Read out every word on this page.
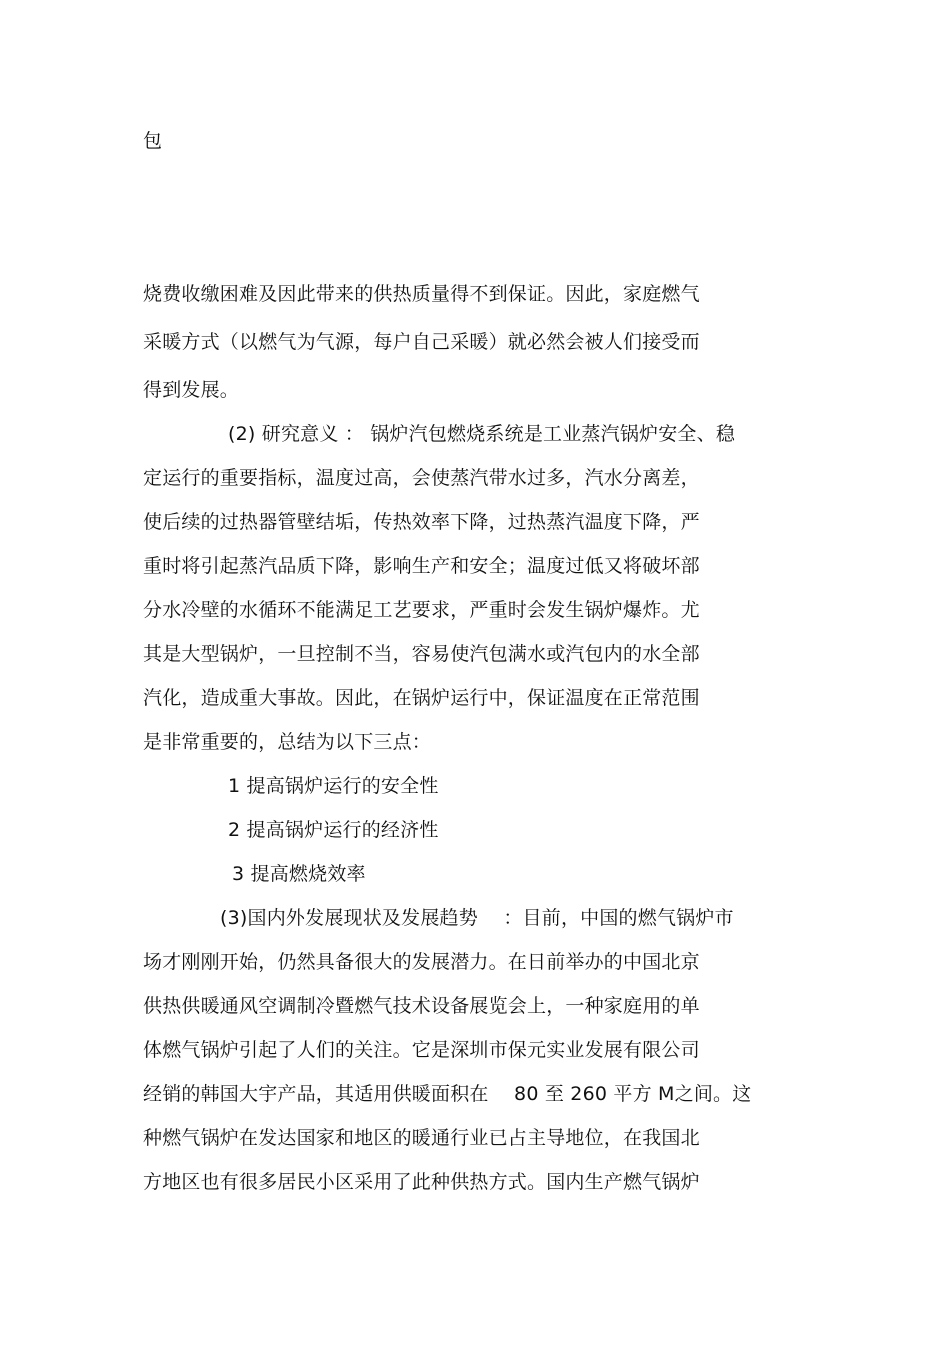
包

烧费收缴困难及因此带来的供热质量得不到保证。因此，家庭燃气

采暖方式（以燃气为气源，每户自己采暖）就必然会被人们接受而

得到发展。

(2) 研究意义 ： 锅炉汽包燃烧系统是工业蒸汽锅炉安全、稳

定运行的重要指标，温度过高，会使蒸汽带水过多，汽水分离差，

使后续的过热器管壁结垢，传热效率下降，过热蒸汽温度下降，严

重时将引起蒸汽品质下降，影响生产和安全；温度过低又将破坏部

分水冷壁的水循环不能满足工艺要求，严重时会发生锅炉爆炸。尤

其是大型锅炉，一旦控制不当，容易使汽包满水或汽包内的水全部

汽化，造成重大事故。因此，在锅炉运行中，保证温度在正常范围

是非常重要的，总结为以下三点：

1 提高锅炉运行的安全性

2 提高锅炉运行的经济性

3 提高燃烧效率

(3)国内外发展现状及发展趋势　 ：目前，中国的燃气锅炉市

场才刚刚开始，仍然具备很大的发展潜力。在日前举办的中国北京

供热供暖通风空调制冷暨燃气技术设备展览会上，一种家庭用的单

体燃气锅炉引起了人们的关注。它是深圳市保元实业发展有限公司

经销的韩国大宇产品，其适用供暖面积在　 80 至 260 平方 M之间。这

种燃气锅炉在发达国家和地区的暖通行业已占主导地位，在我国北

方地区也有很多居民小区采用了此种供热方式。国内生产燃气锅炉
